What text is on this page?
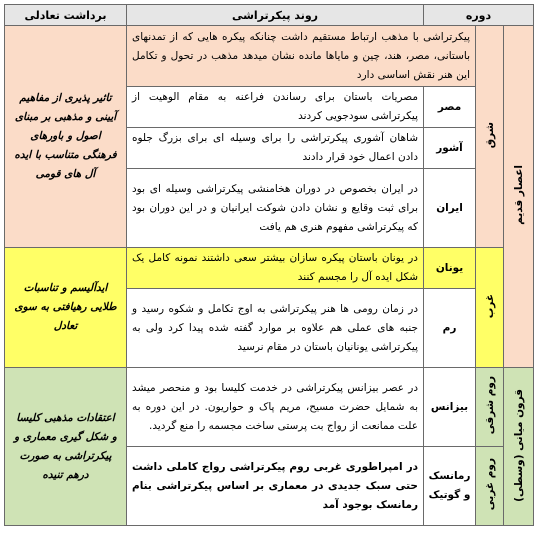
دوره			روند پیکرتراشی	برداشت تعادلی
اعصار قدیم	شرق	پیکرتراشی با مذهب ارتباط مستقیم داشت چنانکه پیکره هایی که از تمدنهای باستانی، مصر، هند، چین و مایاها مانده نشان میدهد مذهب در تحول و تکامل این هنر نقش اساسی دارد		تاثیر پذیری از مفاهیم آیینی و مذهبی بر مبنای اصول و باورهای فرهنگی متناسب با ایده آل های قومی
		مصر	مصریات باستان برای رساندن فراعنه به مقام الوهیت از پیکرتراشی سودجویی کردند	
		آشور	شاهان آشوری پیکرتراشی را برای وسیله ای برای بزرگ جلوه دادن اعمال خود قرار دادند	
		ایران	در ایران بخصوص در دوران هخامنشی پیکرتراشی وسیله ای بود برای ثبت وقایع و نشان دادن شوکت ایرانیان و در این دوران بود که پیکرتراشی مفهوم هنری هم یافت	
	غرب	یونان	در یونان باستان پیکره سازان بیشتر سعی داشتند نمونه کامل یک شکل ایده آل را مجسم کنند	ایدآلیسم و تناسبات طلایی رهیافتی به سوی تعادل
		رم	در زمان رومی ها هنر پیکرتراشی به اوج تکامل و شکوه رسید و جنبه های عملی هم علاوه بر موارد گفته شده پیدا کرد ولی به پیکرتراشی یونانیان باستان در مقام نرسید	
قرون میانی (وسطی)	روم شرقی	بیزانس	در عصر بیزانس پیکرتراشی در خدمت کلیسا بود و منحصر میشد به شمایل حضرت مسیح، مریم پاک و حواریون. در این دوره به علت ممانعت از رواج بت پرستی ساخت مجسمه را منع گردید.	اعتقادات مذهبی کلیسا و شکل گیری معماری و پیکرتراشی به صورت درهم تنیده
	روم غربی	رمانسک و گوتیک	در امپراطوری غربی روم پیکرتراشی رواج کاملی داشت حتی سبک جدیدی در معماری بر اساس پیکرتراشی بنام رمانسک بوجود آمد	
